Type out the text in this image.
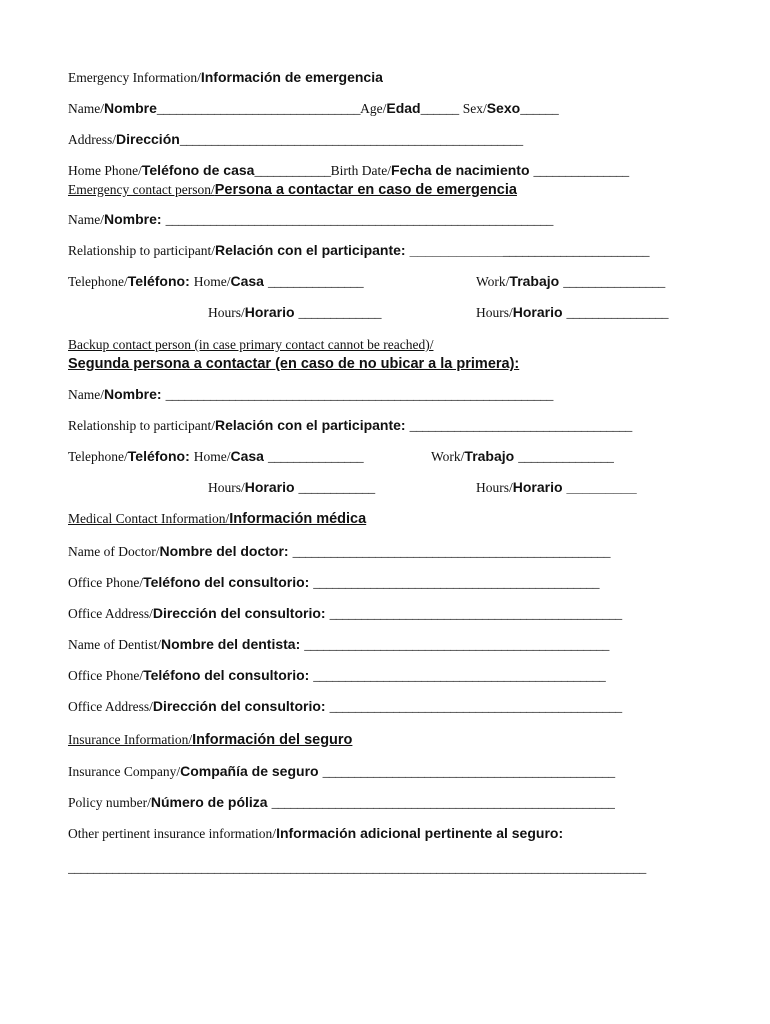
Emergency Information/Información de emergencia
Name/Nombre________________________________Age/Edad______ Sex/Sexo______
Address/Dirección______________________________________________________
Home Phone/Teléfono de casa____________Birth Date/Fecha de nacimiento _______________
Emergency contact person/Persona a contactar en caso de emergencia
Name/Nombre: _____________________________________________________________
Relationship to participant/Relación con el participante: ___________________________________
Telephone/Teléfono: Home/Casa _______________	Work/Trabajo ________________
Hours/Horario _____________	Hours/Horario ________________
Backup contact person (in case primary contact cannot be reached)/
Segunda persona a contactar (en caso de no ubicar a la primera):
Name/Nombre: _____________________________________________________________
Relationship to participant/Relación con el participante: ___________________________________
Telephone/Teléfono: Home/Casa _______________	Work/Trabajo _______________
Hours/Horario ____________	Hours/Horario _________
Medical Contact Information/Información médica
Name of Doctor/Nombre del doctor: __________________________________________________
Office Phone/Teléfono del consultorio: _____________________________________________
Office Address/Dirección del consultorio: ______________________________________________
Name of Dentist/Nombre del dentista: ________________________________________________
Office Phone/Teléfono del consultorio: ______________________________________________
Office Address/Dirección del consultorio: ______________________________________________
Insurance Information/Información del seguro
Insurance Company/Compañía de seguro ______________________________________________
Policy number/Número de póliza ______________________________________________________
Other pertinent insurance information/Información adicional pertinente al seguro:
___________________________________________________________________________________________
